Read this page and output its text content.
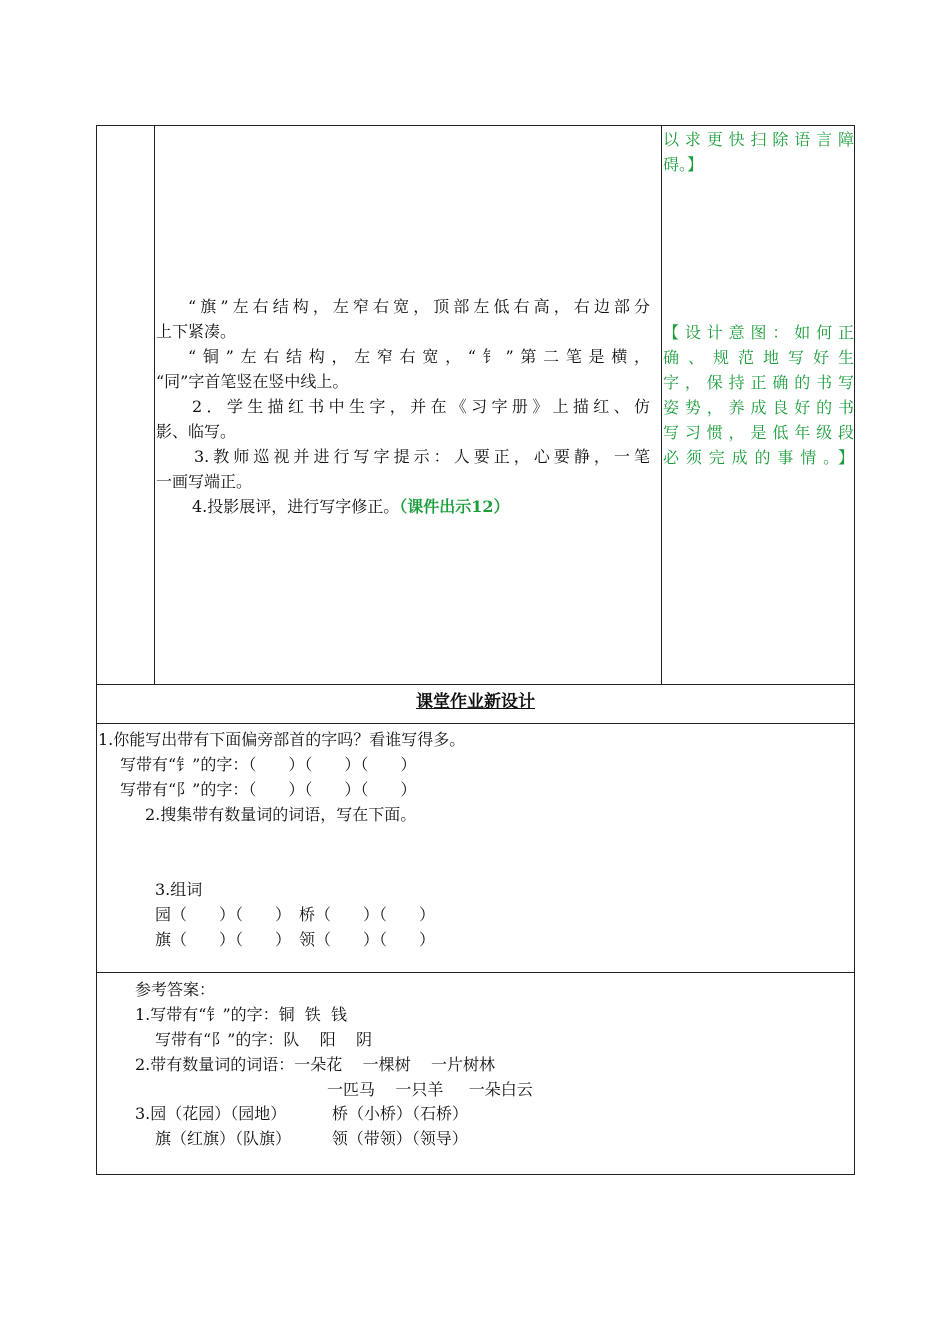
以求更快扫除语言障
碍。】
“旗”左右结构，左窄右宽，顶部左低右高，右边部分
上下紧凑。
“铜”左右结构，左窄右宽，“钅”第二笔是横，
“同”字首笔竖在竖中线上。
2．学生描红书中生字，并在《习字册》上描红、仿
影、临写。
3.教师巡视并进行写字提示：人要正，心要静，一笔
一画写端正。
4.投影展评，进行写字修正。（课件出示12）
【设计意图：如何正
确、规范地写好生
字，保持正确的书写
姿势，养成良好的书
写习惯，是低年级段
必须完成的事情。】
课堂作业新设计
1.你能写出带有下面偏旁部首的字吗？看谁写得多。
写带有“钅”的字：（　　）（　　）（　　）
写带有“阝”的字：（　　）（　　）（　　）
2.搜集带有数量词的词语，写在下面。
3.组词
园（　　）（　　）　桥（　　）（　　）
旗（　　）（　　）　领（　　）（　　）
参考答案：
1.写带有“钅”的字：铜  铁  钱
写带有“阝”的字：队    阳    阴
2.带有数量词的词语：一朵花    一棵树    一片树林
一匹马    一只羊     一朵白云
3.园（花园）（园地）         桥（小桥）（石桥）
旗（红旗）（队旗）        领（带领）（领导）
